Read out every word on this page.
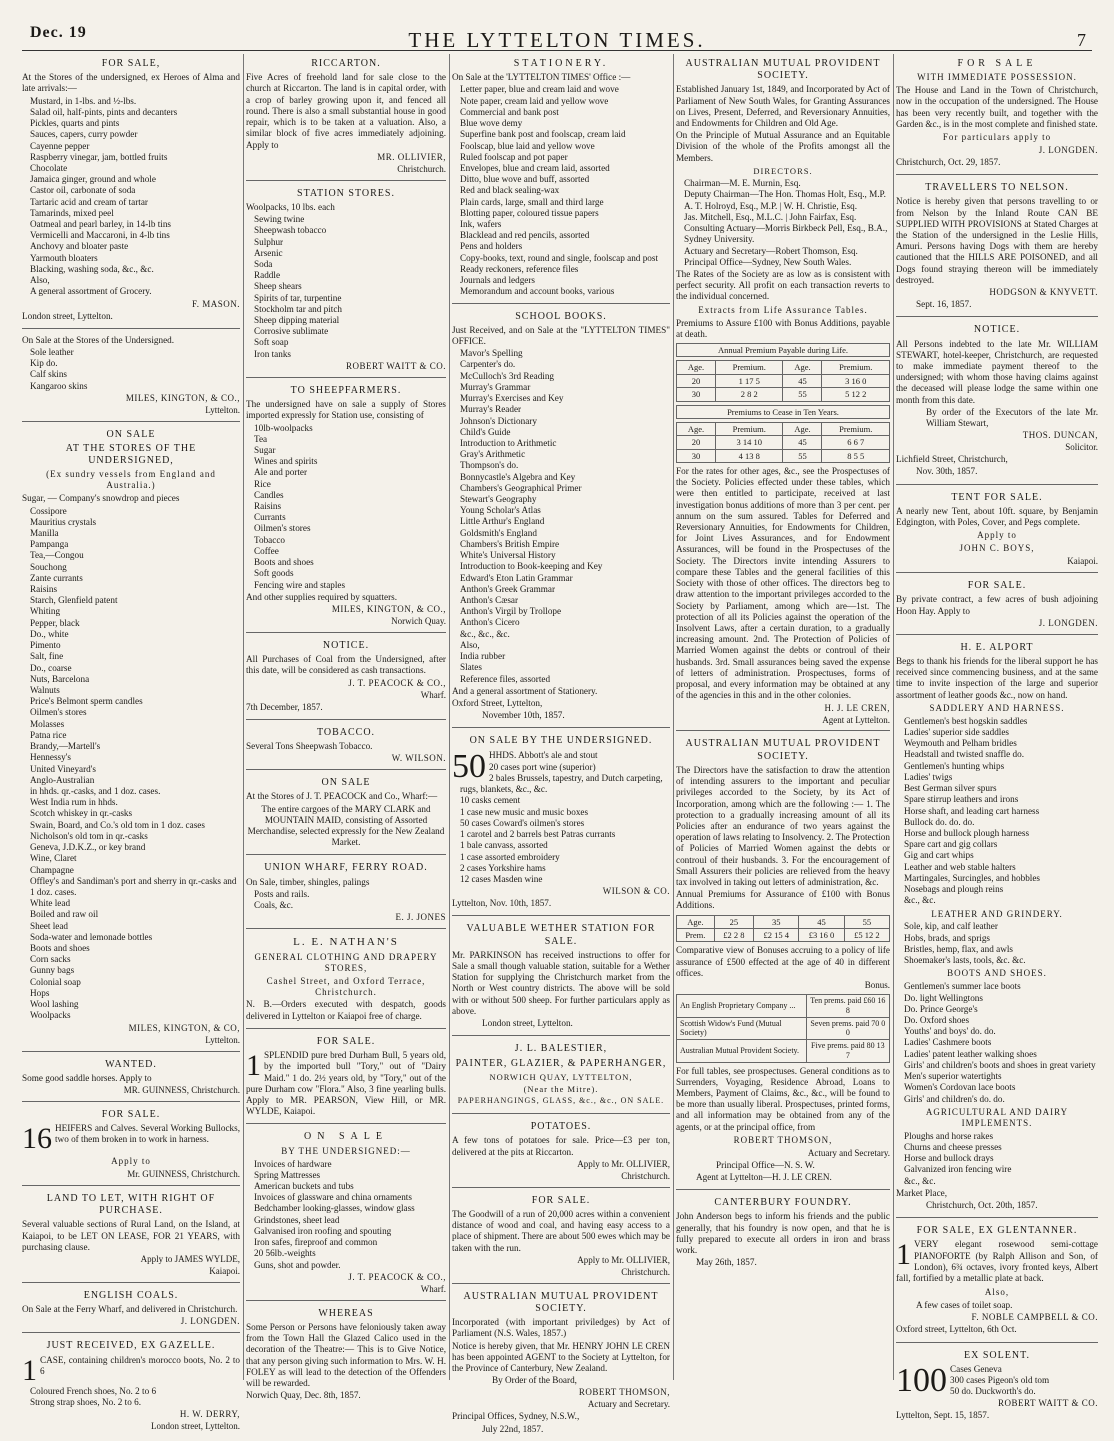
Dec. 19	THE LYTTELTON TIMES.	7
FOR SALE,
At the Stores of the undersigned, ex Heroes of Alma and late arrivals:—
Mustard, in 1-lbs. and ½-lbs.
Salad oil, half-pints, pints and decanters
Pickles, quarts and pints
Sauces, capers, curry powder
Cayenne pepper
Raspberry vinegar, jam, bottled fruits
Chocolate
Jamaica ginger, ground and whole
Castor oil, carbonate of soda
Tartaric acid and cream of tartar
Tamarinds, mixed peel
Oatmeal and pearl barley, in 14-lb tins
Vermicelli and Maccaroni, in 4-lb tins
Anchovy and bloater paste
Yarmouth bloaters
Blacking, washing soda, &c., &c.
Also,
A general assortment of Grocery.
F. MASON.
London street, Lyttelton.
On Sale at the Stores of the Undersigned.
Sole leather
Kip do.
Calf skins
Kangaroo skins
MILES, KINGTON, & CO.,
Lyttelton.
ON SALE
AT THE STORES OF THE UNDERSIGNED,
(Ex sundry vessels from England and Australia.)
Sugar, — Company's snowdrop and pieces
Cossipore
Mauritius crystals
Manilla
Pampanga
Tea,—Congou
Souchong
Zante currants
Raisins
Starch, Glenfield patent
Whiting
Pepper, black
Do., white
Pimento
Salt, fine
Do., coarse
Nuts, Barcelona
Walnuts
Price's Belmont sperm candles
Oilmen's stores
Molasses
Patna rice
Brandy,—Martell's
Hennessy's
United Vineyard's
Anglo-Australian
in hhds. qr.-casks, and 1 doz. cases.
West India rum in hhds.
Scotch whiskey in qr.-casks
Swain, Board, and Co.'s old tom in 1 doz. cases
Nicholson's old tom in qr.-casks
Geneva, J.D.K.Z., or key brand
Wine, Claret
Champagne
Offley's and Sandiman's port and sherry in qr.-casks and 1 doz. cases.
White lead
Boiled and raw oil
Sheet lead
Soda-water and lemonade bottles
Boots and shoes
Corn sacks
Gunny bags
Colonial soap
Hops
Wool lashing
Woolpacks
MILES, KINGTON, & CO,
Lyttelton.
WANTED.
Some good saddle horses. Apply to
MR. GUINNESS, Christchurch.
FOR SALE.
16 HEIFERS and Calves. Several Working Bullocks, two of them broken in to work in harness.
Apply to
Mr. GUINNESS, Christchurch.
LAND TO LET, WITH RIGHT OF PURCHASE.
Several valuable sections of Rural Land, on the Island, at Kaiapoi, to be LET ON LEASE, FOR 21 YEARS, with purchasing clause.
Apply to JAMES WYLDE,
Kaiapoi.
ENGLISH COALS.
On Sale at the Ferry Wharf, and delivered in Christchurch.
J. LONGDEN.
JUST RECEIVED, EX GAZELLE.
1 CASE, containing children's morocco boots, No. 2 to 6
Coloured French shoes, No. 2 to 6
Strong strap shoes, No. 2 to 6.
H. W. DERRY,
London street, Lyttelton.
RICCARTON.
Five Acres of freehold land for sale close to the church at Riccarton. The land is in capital order, with a crop of barley growing upon it, and fenced all round. There is also a small substantial house in good repair, which is to be taken at a valuation. Also, a similar block of five acres immediately adjoining. Apply to
MR. OLLIVIER,
Christchurch.
STATION STORES.
Woolpacks, 10 lbs. each
Sewing twine
Sheepwash tobacco
Sulphur
Arsenic
Soda
Raddle
Sheep shears
Spirits of tar, turpentine
Stockholm tar and pitch
Sheep dipping material
Corrosive sublimate
Soft soap
Iron tanks
ROBERT WAITT & CO.
TO SHEEPFARMERS.
The undersigned have on sale a supply of Stores imported expressly for Station use, consisting of
10lb-woolpacks
Tea
Sugar
Wines and spirits
Ale and porter
Rice
Candles
Raisins
Currants
Oilmen's stores
Tobacco
Coffee
Boots and shoes
Soft goods
Fencing wire and staples
And other supplies required by squatters.
MILES, KINGTON, & CO.,
Norwich Quay.
NOTICE.
All Purchases of Coal from the Undersigned, after this date, will be considered as cash transactions.
J. T. PEACOCK & CO.,
Wharf.
7th December, 1857.
TOBACCO.
Several Tons Sheepwash Tobacco.
W. WILSON.
ON SALE
At the Stores of J. T. PEACOCK and Co., Wharf:—
The entire cargoes of the MARY CLARK and MOUNTAIN MAID, consisting of Assorted Merchandise, selected expressly for the New Zealand Market.
UNION WHARF, FERRY ROAD.
On Sale, timber, shingles, palings
Posts and rails.
Coals, &c.
E. J. JONES
L. E. NATHAN'S
GENERAL CLOTHING AND DRAPERY STORES,
Cashel Street, and Oxford Terrace, Christchurch.
N. B.—Orders executed with despatch, goods delivered in Lyttelton or Kaiapoi free of charge.
FOR SALE.
1 SPLENDID pure bred Durham Bull, 5 years old, by the imported bull "Tory," out of "Dairy Maid." 1 do. 2½ years old, by "Tory," out of the pure Durham cow "Flora." Also, 3 fine yearling bulls. Apply to MR. PEARSON, View Hill, or MR. WYLDE, Kaiapoi.
ON SALE
BY THE UNDERSIGNED:—
Invoices of hardware
Spring Mattresses
American buckets and tubs
Invoices of glassware and china ornaments
Bedchamber looking-glasses, window glass
Grindstones, sheet lead
Galvanised iron roofing and spouting
Iron safes, fireproof and common
20 56lb.-weights
Guns, shot and powder.
J. T. PEACOCK & CO.,
Wharf.
WHEREAS
Some Person or Persons have feloniously taken away from the Town Hall the Glazed Calico used in the decoration of the Theatre:— This is to Give Notice, that any person giving such information to Mrs. W. H. FOLEY as will lead to the detection of the Offenders will be rewarded.
Norwich Quay, Dec. 8th, 1857.
STATIONERY.
On Sale at the 'LYTTELTON TIMES' Office :—
Letter paper, blue and cream laid and wove
Note paper, cream laid and yellow wove
Commercial and bank post
Blue wove demy
Superfine bank post and foolscap, cream laid
Foolscap, blue laid and yellow wove
Ruled foolscap and pot paper
Envelopes, blue and cream laid, assorted
Ditto, blue wove and buff, assorted
Red and black sealing-wax
Plain cards, large, small and third large
Blotting paper, coloured tissue papers
Ink, wafers
Blacklead and red pencils, assorted
Pens and holders
Copy-books, text, round and single, foolscap and post
Ready reckoners, reference files
Journals and ledgers
Memorandum and account books, various
SCHOOL BOOKS.
Just Received, and on Sale at the "LYTTELTON TIMES" OFFICE.
Mavor's Spelling
Carpenter's do.
McCulloch's 3rd Reading
Murray's Grammar
Murray's Exercises and Key
Murray's Reader
Johnson's Dictionary
Child's Guide
Introduction to Arithmetic
Gray's Arithmetic
Thompson's do.
Bonnycastle's Algebra and Key
Chambers's Geographical Primer
Stewart's Geography
Young Scholar's Atlas
Little Arthur's England
Goldsmith's England
Chambers's British Empire
White's Universal History
Introduction to Book-keeping and Key
Edward's Eton Latin Grammar
Anthon's Greek Grammar
Anthon's Cæsar
Anthon's Virgil by Trollope
Anthon's Cicero
&c., &c., &c.
Also,
India rubber
Slates
Reference files, assorted
And a general assortment of Stationery.
Oxford Street, Lyttelton,
November 10th, 1857.
ON SALE BY THE UNDERSIGNED.
50 HHDS. Abbott's ale and stout
20 cases port wine (superior)
2 bales Brussels, tapestry, and Dutch carpeting, rugs, blankets, &c., &c.
10 casks cement
1 case new music and music boxes
50 cases Coward's oilmen's stores
1 carotel and 2 barrels best Patras currants
1 bale canvass, assorted
1 case assorted embroidery
2 cases Yorkshire hams
12 cases Masden wine
WILSON & CO.
Lyttelton, Nov. 10th, 1857.
VALUABLE WETHER STATION FOR SALE.
Mr. PARKINSON has received instructions to offer for Sale a small though valuable station, suitable for a Wether Station for supplying the Christchurch market from the North or West country districts. The above will be sold with or without 500 sheep. For further particulars apply as above.
London street, Lyttelton.
J. L. BALESTIER,
PAINTER, GLAZIER, & PAPERHANGER,
NORWICH QUAY, LYTTELTON,
(Near the Mitre).
PAPERHANGINGS, GLASS, &c., &c., ON SALE.
POTATOES.
A few tons of potatoes for sale. Price—£3 per ton, delivered at the pits at Riccarton.
Apply to Mr. OLLIVIER,
Christchurch.
FOR SALE.
The Goodwill of a run of 20,000 acres within a convenient distance of wood and coal, and having easy access to a place of shipment. There are about 500 ewes which may be taken with the run.
Apply to Mr. OLLIVIER,
Christchurch.
AUSTRALIAN MUTUAL PROVIDENT SOCIETY.
Incorporated (with important priviledges) by Act of Parliament (N.S. Wales, 1857.)
Notice is hereby given, that Mr. HENRY JOHN LE CREN has been appointed AGENT to the Society at Lyttelton, for the Province of Canterbury, New Zealand.
By Order of the Board,
ROBERT THOMSON,
Actuary and Secretary.
Principal Offices, Sydney, N.S.W.,
July 22nd, 1857.
AUSTRALIAN MUTUAL PROVIDENT SOCIETY.
Established January 1st, 1849, and Incorporated by Act of Parliament of New South Wales, for Granting Assurances on Lives, Present, Deferred, and Reversionary Annuities, and Endowments for Children and Old Age.
On the Principle of Mutual Assurance and an Equitable Division of the whole of the Profits amongst all the Members.
DIRECTORS.
Chairman—M. E. Murnin, Esq.
Deputy Chairman—The Hon. Thomas Holt, Esq., M.P.
A. T. Holroyd, Esq., M.P. | W. H. Christie, Esq.
Jas. Mitchell, Esq., M.L.C. | John Fairfax, Esq.
Consulting Actuary—Morris Birkbeck Pell, Esq., B.A., Sydney University.
Actuary and Secretary—Robert Thomson, Esq.
Principal Office—Sydney, New South Wales.
The Rates of the Society are as low as is consistent with perfect security. All profit on each transaction reverts to the individual concerned.
Extracts from Life Assurance Tables.
Premiums to Assure £100 with Bonus Additions, payable at death.
Annual Premium Payable during Life.
Age.	Premium.	Age.	Premium.
20	1 17 5	45	3 16 0
30	2 8 2	55	5 12 2
Premiums to Cease in Ten Years.
Age.	Premium.	Age.	Premium.
20	3 14 10	45	6 6 7
30	4 13 8	55	8 5 5
For the rates for other ages, &c., see the Prospectuses of the Society. Policies effected under these tables, which were then entitled to participate, received at last investigation bonus additions of more than 3 per cent. per annum on the sum assured. Tables for Deferred and Reversionary Annuities, for Endowments for Children, for Joint Lives Assurances, and for Endowment Assurances, will be found in the Prospectuses of the Society. The Directors invite intending Assurers to compare these Tables and the general facilities of this Society with those of other offices. The directors beg to draw attention to the important privileges accorded to the Society by Parliament, among which are—1st. The protection of all its Policies against the operation of the Insolvent Laws, after a certain duration, to a gradually increasing amount. 2nd. The Protection of Policies of Married Women against the debts or controul of their husbands. 3rd. Small assurances being saved the expense of letters of administration. Prospectuses, forms of proposal, and every information may be obtained at any of the agencies in this and in the other colonies.
H. J. LE CREN,
Agent at Lyttelton.
AUSTRALIAN MUTUAL PROVIDENT SOCIETY.
The Directors have the satisfaction to draw the attention of intending assurers to the important and peculiar privileges accorded to the Society, by its Act of Incorporation, among which are the following :— 1. The protection to a gradually increasing amount of all its Policies after an endurance of two years against the operation of laws relating to Insolvency. 2. The Protection of Policies of Married Women against the debts or controul of their husbands. 3. For the encouragement of Small Assurers their policies are relieved from the heavy tax involved in taking out letters of administration, &c.
Annual Premiums for Assurance of £100 with Bonus Additions.
Age.	25	35	45	55
Prem.	£2 2 8	£2 15 4	£3 16 0	£5 12 2
Comparative view of Bonuses accruing to a policy of life assurance of £500 effected at the age of 40 in different offices.
Bonus.
An English Proprietary Company ...	Ten prems. paid £60 16 8
Scottish Widow's Fund (Mutual Society)	Seven prems. paid 70 0 0
Australian Mutual Provident Society.	Five prems. paid 80 13 7
For full tables, see prospectuses. General conditions as to Surrenders, Voyaging, Residence Abroad, Loans to Members, Payment of Claims, &c., &c., will be found to be more than usually liberal. Prospectuses, printed forms, and all information may be obtained from any of the agents, or at the principal office, from
ROBERT THOMSON,
Actuary and Secretary.
Principal Office—N. S. W.
Agent at Lyttelton—H. J. LE CREN.
CANTERBURY FOUNDRY.
John Anderson begs to inform his friends and the public generally, that his foundry is now open, and that he is fully prepared to execute all orders in iron and brass work.
May 26th, 1857.
FOR SALE
WITH IMMEDIATE POSSESSION.
The House and Land in the Town of Christchurch, now in the occupation of the undersigned. The House has been very recently built, and together with the Garden &c., is in the most complete and finished state.
For particulars apply to
J. LONGDEN.
Christchurch, Oct. 29, 1857.
TRAVELLERS TO NELSON.
Notice is hereby given that persons travelling to or from Nelson by the Inland Route CAN BE SUPPLIED WITH PROVISIONS at Stated Charges at the Station of the undersigned in the Leslie Hills, Amuri. Persons having Dogs with them are hereby cautioned that the HILLS ARE POISONED, and all Dogs found straying thereon will be immediately destroyed.
HODGSON & KNYVETT.
Sept. 16, 1857.
NOTICE.
All Persons indebted to the late Mr. WILLIAM STEWART, hotel-keeper, Christchurch, are requested to make immediate payment thereof to the undersigned; with whom those having claims against the deceased will please lodge the same within one month from this date.
By order of the Executors of the late Mr. William Stewart,
THOS. DUNCAN,
Solicitor.
Lichfield Street, Christchurch,
Nov. 30th, 1857.
TENT FOR SALE.
A nearly new Tent, about 10ft. square, by Benjamin Edgington, with Poles, Cover, and Pegs complete.
Apply to
JOHN C. BOYS,
Kaiapoi.
FOR SALE.
By private contract, a few acres of bush adjoining Hoon Hay. Apply to
J. LONGDEN.
H. E. ALPORT
Begs to thank his friends for the liberal support he has received since commencing business, and at the same time to invite inspection of the large and superior assortment of leather goods &c., now on hand.
SADDLERY AND HARNESS.
Gentlemen's best hogskin saddles
Ladies' superior side saddles
Weymouth and Pelham bridles
Headstall and twisted snaffle do.
Gentlemen's hunting whips
Ladies' twigs
Best German silver spurs
Spare stirrup leathers and irons
Horse shaft, and leading cart harness
Bullock do. do. do.
Horse and bullock plough harness
Spare cart and gig collars
Gig and cart whips
Leather and web stable halters
Martingales, Surcingles, and hobbles
Nosebags and plough reins
&c., &c.
LEATHER AND GRINDERY.
Sole, kip, and calf leather
Hobs, brads, and sprigs
Bristles, hemp, flax, and awls
Shoemaker's lasts, tools, &c. &c.
BOOTS AND SHOES.
Gentlemen's summer lace boots
Do. light Wellingtons
Do. Prince George's
Do. Oxford shoes
Youths' and boys' do. do.
Ladies' Cashmere boots
Ladies' patent leather walking shoes
Girls' and children's boots and shoes in great variety
Men's superior watertights
Women's Cordovan lace boots
Girls' and children's do. do.
AGRICULTURAL AND DAIRY IMPLEMENTS.
Ploughs and horse rakes
Churns and cheese presses
Horse and bullock drays
Galvanized iron fencing wire
&c., &c.
Market Place,
Christchurch, Oct. 20th, 1857.
FOR SALE, EX GLENTANNER.
1 VERY elegant rosewood semi-cottage PIANOFORTE (by Ralph Allison and Son, of London), 6¾ octaves, ivory fronted keys, Albert fall, fortified by a metallic plate at back.
Also,
A few cases of toilet soap.
F. NOBLE CAMPBELL & CO.
Oxford street, Lyttelton, 6th Oct.
EX SOLENT.
100 Cases Geneva
300 cases Pigeon's old tom
50 do. Duckworth's do.
ROBERT WAITT & CO.
Lyttelton, Sept. 15, 1857.
